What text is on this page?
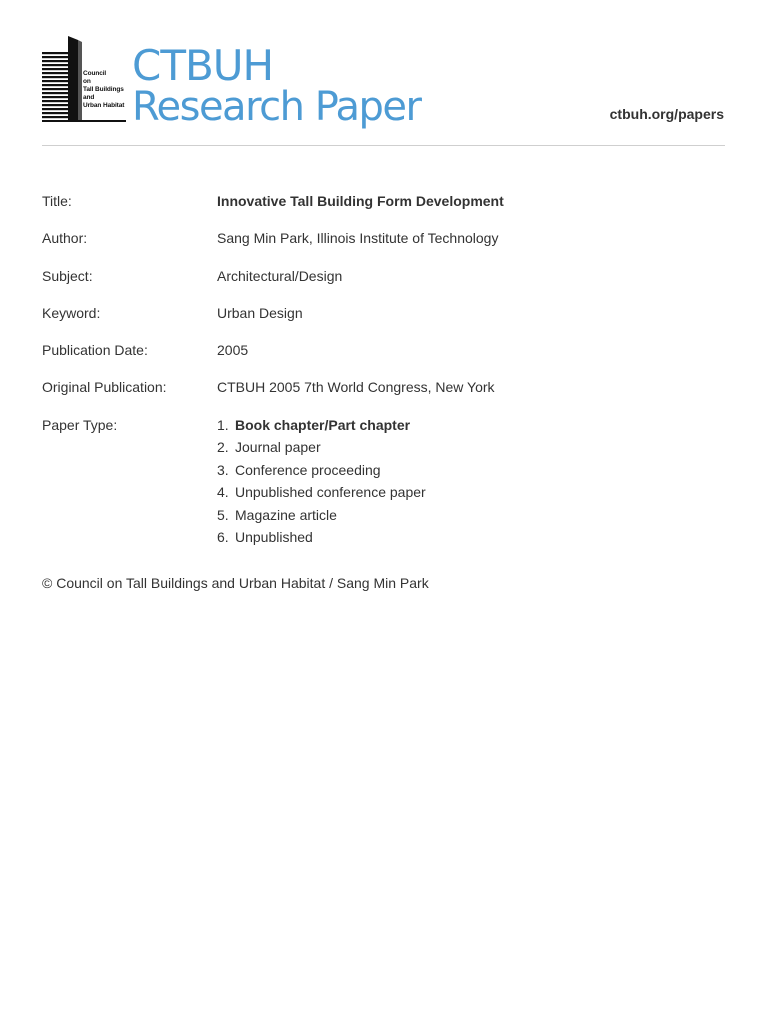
Council
on
Tall Buildings
and
Urban Habitat
CTBUH
Research Paper	ctbuh.org/papers
Title:	Innovative Tall Building Form Development
Author:	Sang Min Park, Illinois Institute of Technology
Subject:	Architectural/Design
Keyword:	Urban Design
Publication Date:	2005
Original Publication:	CTBUH 2005 7th World Congress, New York
Paper Type:	1. Book chapter/Part chapter
2. Journal paper
3. Conference proceeding
4. Unpublished conference paper
5. Magazine article
6. Unpublished
© Council on Tall Buildings and Urban Habitat / Sang Min Park
